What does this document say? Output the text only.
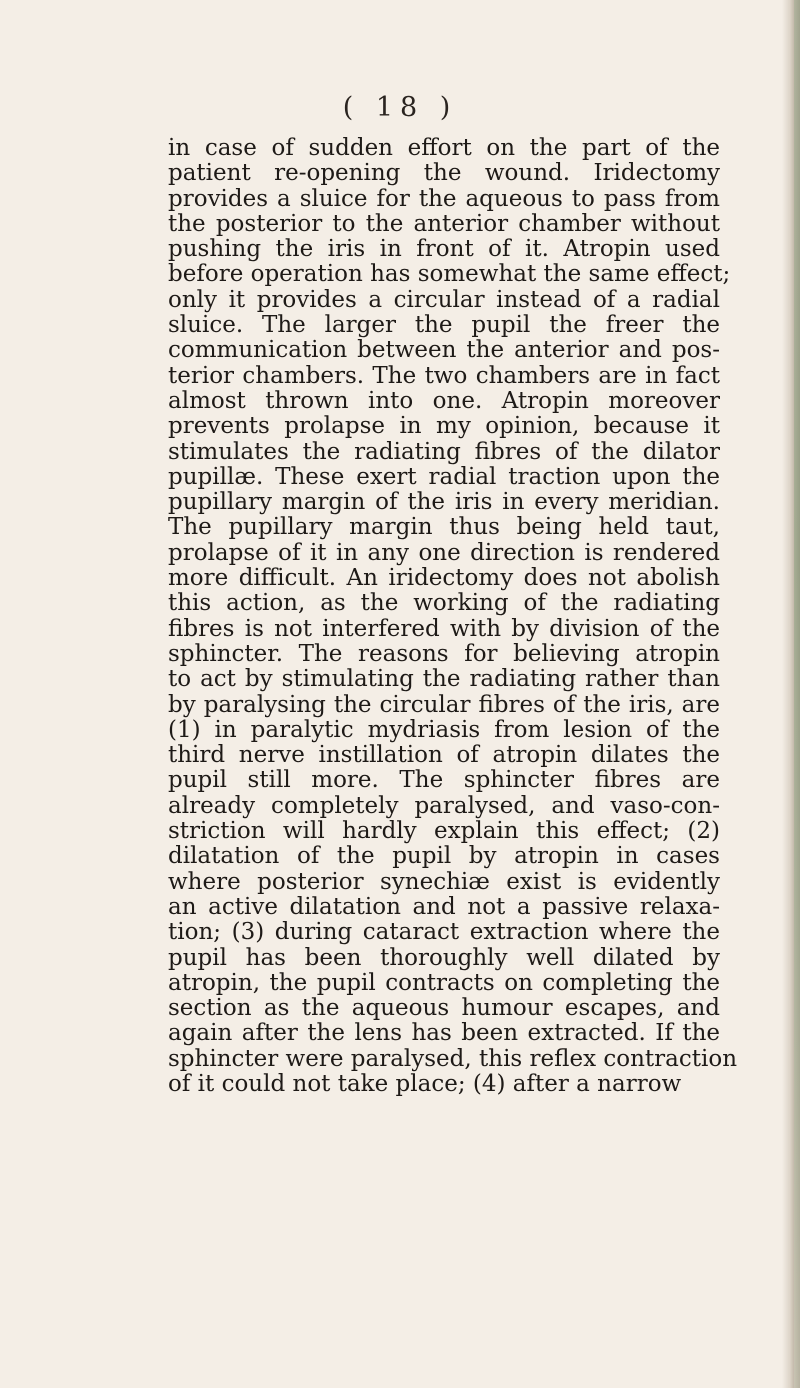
( 18 )
in case of sudden effort on the part of the
patient re-opening the wound. Iridectomy
provides a sluice for the aqueous to pass from
the posterior to the anterior chamber without
pushing the iris in front of it. Atropin used
before operation has somewhat the same effect;
only it provides a circular instead of a radial
sluice. The larger the pupil the freer the
communication between the anterior and pos-
terior chambers. The two chambers are in fact
almost thrown into one. Atropin moreover
prevents prolapse in my opinion, because it
stimulates the radiating fibres of the dilator
pupillæ. These exert radial traction upon the
pupillary margin of the iris in every meridian.
The pupillary margin thus being held taut,
prolapse of it in any one direction is rendered
more difficult. An iridectomy does not abolish
this action, as the working of the radiating
fibres is not interfered with by division of the
sphincter. The reasons for believing atropin
to act by stimulating the radiating rather than
by paralysing the circular fibres of the iris, are
(1) in paralytic mydriasis from lesion of the
third nerve instillation of atropin dilates the
pupil still more. The sphincter fibres are
already completely paralysed, and vaso-con-
striction will hardly explain this effect; (2)
dilatation of the pupil by atropin in cases
where posterior synechiæ exist is evidently
an active dilatation and not a passive relaxa-
tion; (3) during cataract extraction where the
pupil has been thoroughly well dilated by
atropin, the pupil contracts on completing the
section as the aqueous humour escapes, and
again after the lens has been extracted. If the
sphincter were paralysed, this reflex contraction
of it could not take place; (4) after a narrow
